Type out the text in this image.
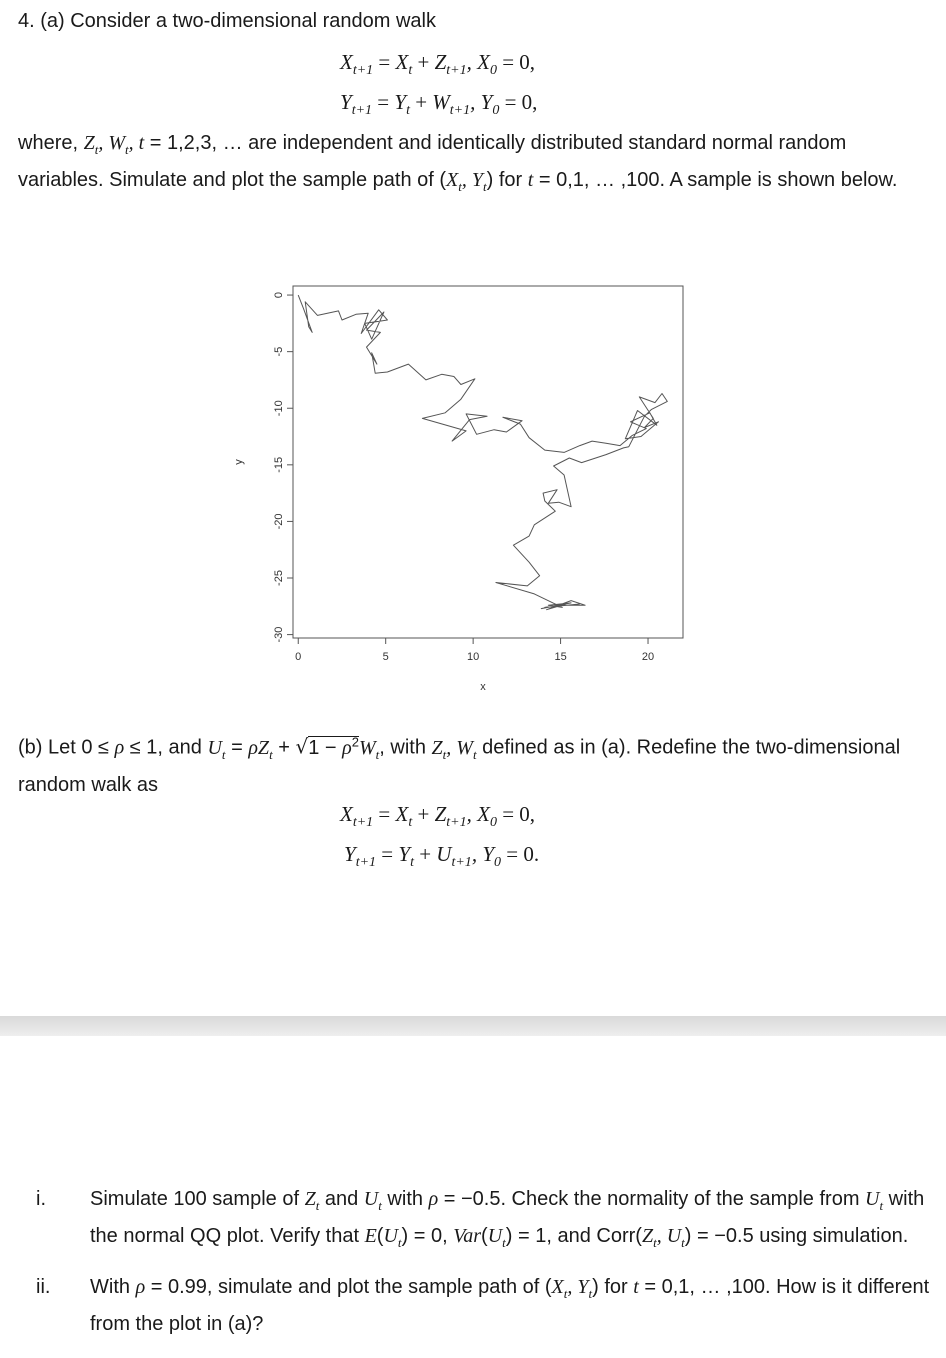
4. (a) Consider a two-dimensional random walk
$X_{t+1} = X_t + Z_{t+1}$, $X_0 = 0$,
$Y_{t+1} = Y_t + W_{t+1}$, $Y_0 = 0$,
where, $Z_t$, $W_t$, t = 1,2,3, … are independent and identically distributed standard normal random variables. Simulate and plot the sample path of ($X_t$, $Y_t$) for t = 0,1, … ,100. A sample is shown below.
0	5	10	15	20
0
-5
-10
-15
-20
-25
-30
x
y
(b) Let 0 ≤ ρ ≤ 1, and $U_t = \rho Z_t + √1 - \rho^2W_t$, with $Z_t$, $W_t$ defined as in (a). Redefine the two-dimensional random walk as
$X_{t+1} = X_t + Z_{t+1}$, $X_0 = 0$,
$Y_{t+1} = Y_t + U_{t+1}$, $Y_0 = 0$.
i. Simulate 100 sample of $Z_t$ and $U_t$ with ρ = −0.5. Check the normality of the sample from $U_t$ with the normal QQ plot. Verify that $E(U_t) = 0$, $Var(U_t) = 1$, and $Corr(Z_t$, $U_t) = -0.5$ using simulation.
ii. With ρ = 0.99, simulate and plot the sample path of ($X_t$, $Y_t$) for t = 0,1, … ,100. How is it different from the plot in (a)?
